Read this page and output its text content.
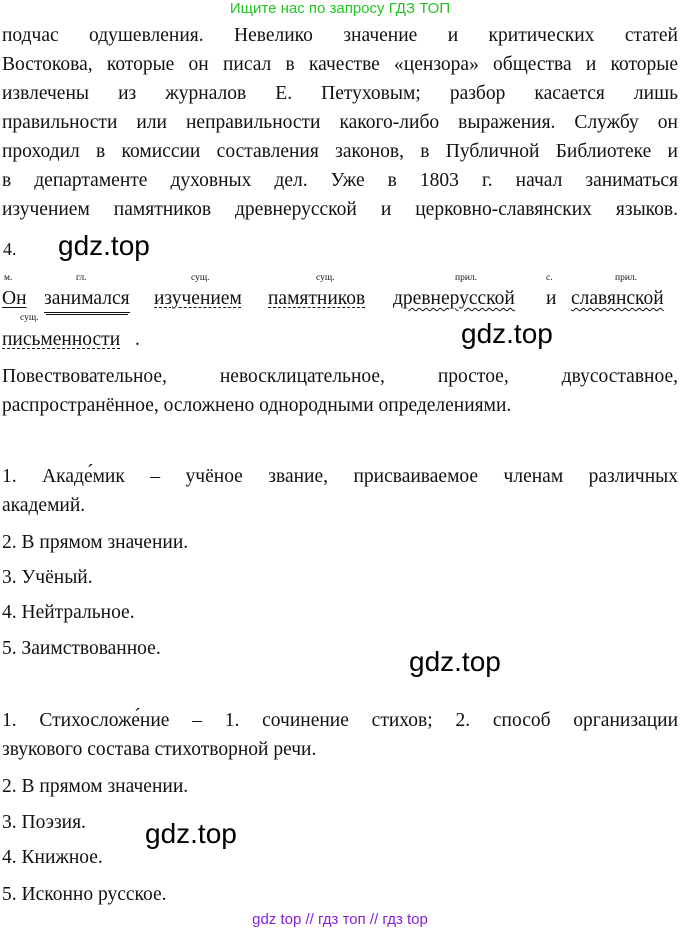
Ищите нас по запросу ГДЗ ТОП
подчас одушевления. Невелико значение и критических статей
Востокова, которые он писал в качестве «цензора» общества и которые
извлечены из журналов Е. Петуховым; разбор касается лишь
правильности или неправильности какого-либо выражения. Службу он
проходил в комиссии составления законов, в Публичной Библиотеке и
в департаменте духовных дел. Уже в 1803 г. начал заниматься
изучением памятников древнерусской и церковно-славянских языков.
4. gdz.top
м.	гл.	сущ.	сущ.	прил.	с.	прил.
сущ.
Он занимался изучением памятников древнерусской и славянской
письменности .	gdz.top
Повествовательное, невосклицательное, простое, двусоставное,
распространённое, осложнено однородными определениями.
1. Акаде́мик – учёное звание, присваиваемое членам различных
академий.
2. В прямом значении.
3. Учёный.
4. Нейтральное.
5. Заимствованное.	gdz.top
1. Стихосложе́ние – 1. сочинение стихов; 2. способ организации
звукового состава стихотворной речи.
2. В прямом значении.
3. Поэзия.
4. Книжное.
5. Исконно русское.
gdz.top
gdz top // гдз топ // гдз top
